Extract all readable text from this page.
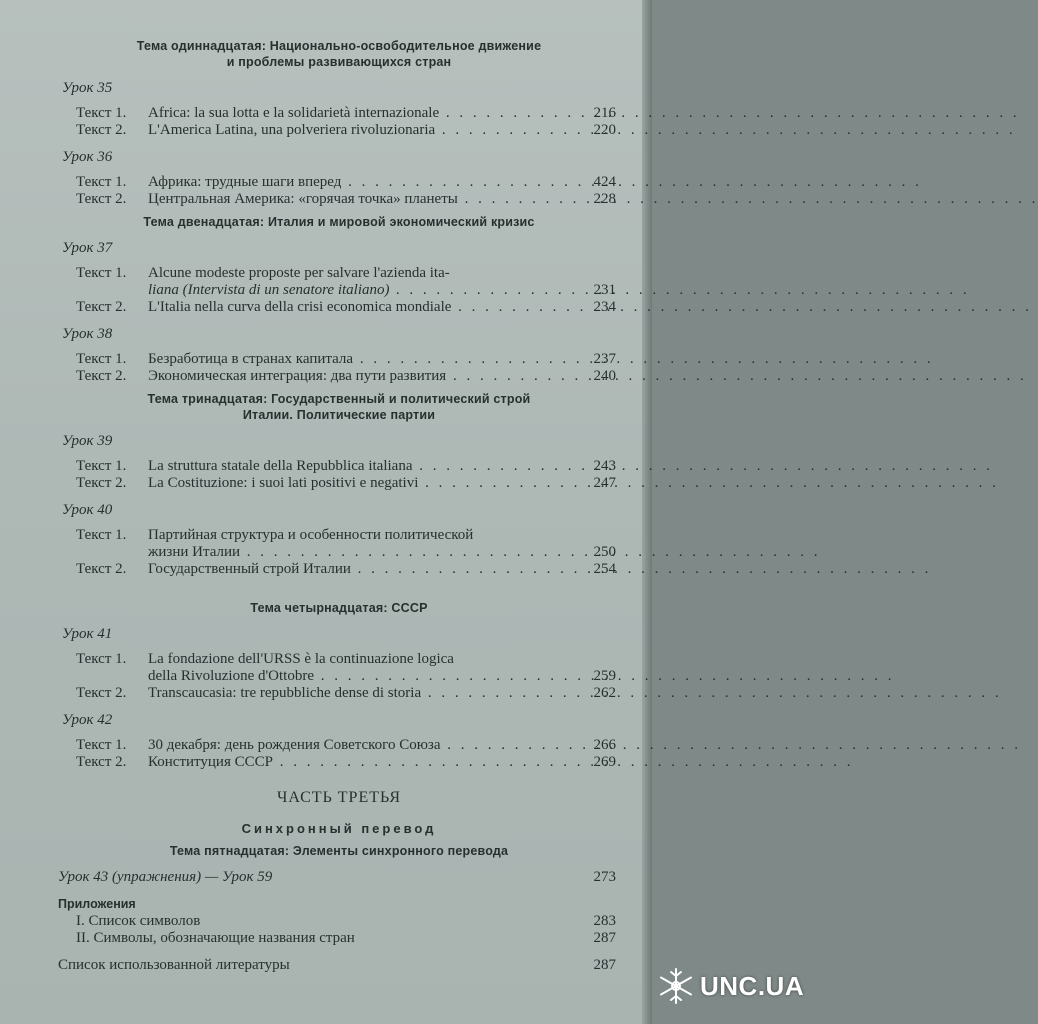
Тема одиннадцатая: Национально-освободительное движение
и проблемы развивающихся стран
Урок 35
Текст 1. Africa: la sua lotta e la solidarietà internazionale . . .	216
Текст 2. L'America Latina, una polveriera rivoluzionaria . . .	220
Урок 36
Текст 1. Африка: трудные шаги вперед . . .	424
Текст 2. Центральная Америка: «горячая точка» планеты . . .	228
Тема двенадцатая: Италия и мировой экономический кризис
Урок 37
Текст 1. Alcune modeste proposte per salvare l'azienda ita-
liana (Intervista di un senatore italiano) . . .	231
Текст 2. L'Italia nella curva della crisi economica mondiale . . .	234
Урок 38
Текст 1. Безработица в странах капитала . . .	237
Текст 2. Экономическая интеграция: два пути развития . . .	240
Тема тринадцатая: Государственный и политический строй
Италии. Политические партии
Урок 39
Текст 1. La struttura statale della Repubblica italiana . . .	243
Текст 2. La Costituzione: i suoi lati positivi e negativi . . .	247
Урок 40
Текст 1. Партийная структура и особенности политической
жизни Италии . . .	250
Текст 2. Государственный строй Италии . . .	254
Тема четырнадцатая: СССР
Урок 41
Текст 1. La fondazione dell'URSS è la continuazione logica
della Rivoluzione d'Ottobre . . .	259
Текст 2. Transcaucasia: tre repubbliche dense di storia . . .	262
Урок 42
Текст 1. 30 декабря: день рождения Советского Союза . . .	266
Текст 2. Конституция СССР . . .	269
ЧАСТЬ ТРЕТЬЯ
Синхронный перевод
Тема пятнадцатая: Элементы синхронного перевода
Урок 43 (упражнения) — Урок 59	273
Приложения
I. Список символов	283
II. Символы, обозначающие названия стран	287
Список использованной литературы	287
UNC.UA
